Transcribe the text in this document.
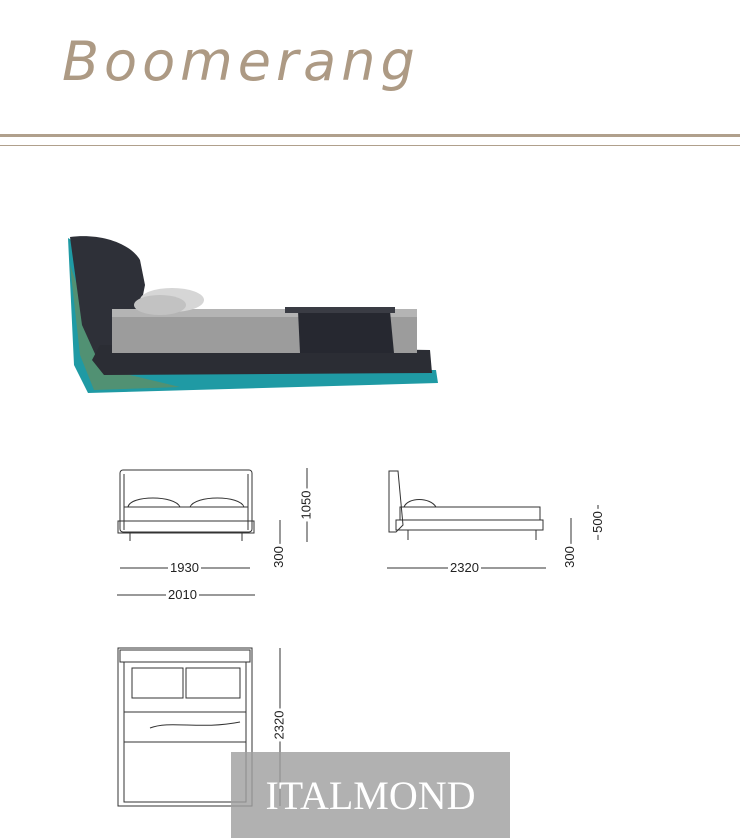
Boomerang
1930
2010
1050
300	2320	300
500
2320
ITALMOND
